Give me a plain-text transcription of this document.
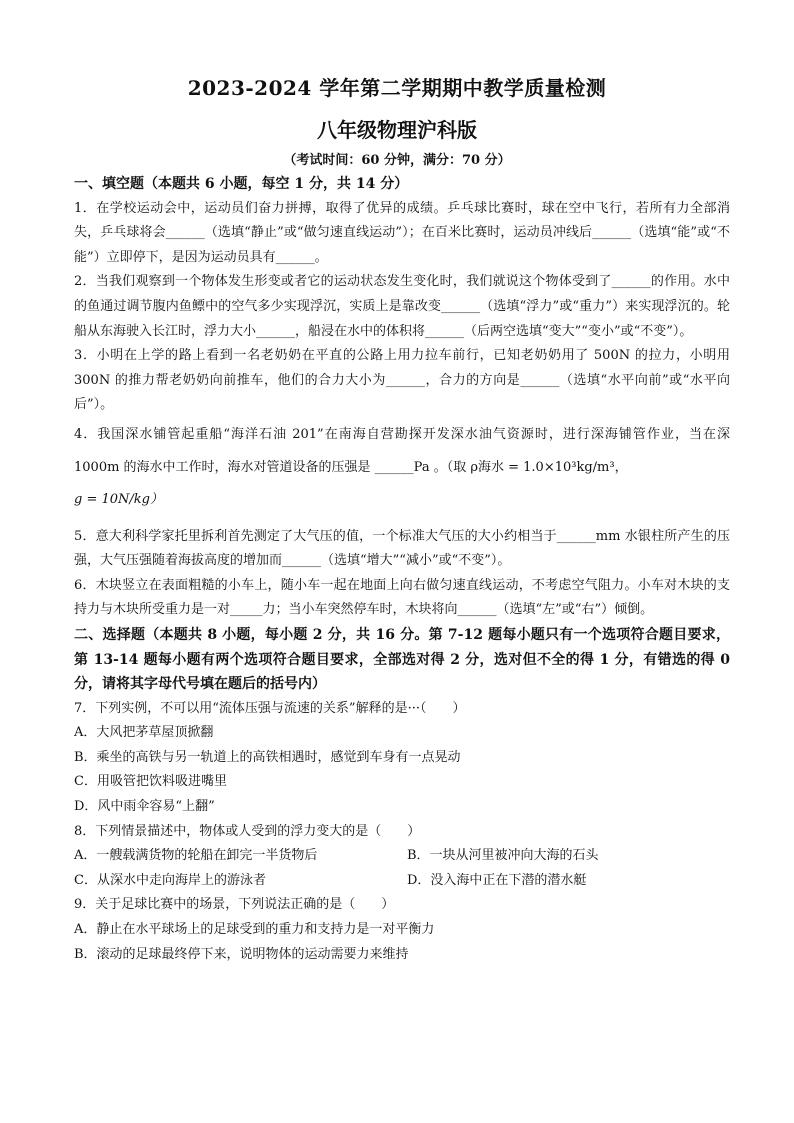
2023-2024 学年第二学期期中教学质量检测
八年级物理沪科版
（考试时间：60 分钟，满分：70 分）

一、填空题（本题共 6 小题，每空 1 分，共 14 分）

1．在学校运动会中，运动员们奋力拼搏，取得了优异的成绩。乒乓球比赛时，球在空中飞行，若所有力全部消失，乒乓球将会______（选填“静止”或“做匀速直线运动”）；在百米比赛时，运动员冲线后______（选填“能”或“不能”）立即停下，是因为运动员具有______。

2．当我们观察到一个物体发生形变或者它的运动状态发生变化时，我们就说这个物体受到了______的作用。水中的鱼通过调节腹内鱼鳔中的空气多少实现浮沉，实质上是靠改变______（选填“浮力”或“重力”）来实现浮沉的。轮船从东海驶入长江时，浮力大小______，船浸在水中的体积将______（后两空选填“变大”“变小”或“不变”）。

3．小明在上学的路上看到一名老奶奶在平直的公路上用力拉车前行，已知老奶奶用了 500N 的拉力，小明用 300N 的推力帮老奶奶向前推车，他们的合力大小为______，合力的方向是______（选填“水平向前”或“水平向后”）。

4．我国深水铺管起重船“海洋石油 201”在南海自营勘探开发深水油气资源时，进行深海铺管作业，当在深 1000m 的海水中工作时，海水对管道设备的压强是 ______Pa 。（取 ρ海水 = 1.0×10³kg/m³，

g = 10N/kg）

5．意大利科学家托里拆利首先测定了大气压的值，一个标准大气压的大小约相当于______mm 水银柱所产生的压强，大气压强随着海拔高度的增加而______（选填“增大”“减小”或“不变”）。

6．木块竖立在表面粗糙的小车上，随小车一起在地面上向右做匀速直线运动，不考虑空气阻力。小车对木块的支持力与木块所受重力是一对_____力；当小车突然停车时，木块将向______（选填“左”或“右”）倾倒。

二、选择题（本题共 8 小题，每小题 2 分，共 16 分。第 7-12 题每小题只有一个选项符合题目要求，第 13-14 题每小题有两个选项符合题目要求，全部选对得 2 分，选对但不全的得 1 分，有错选的得 0 分，请将其字母代号填在题后的括号内）

7．下列实例，不可以用“流体压强与流速的关系”解释的是···（　　）

A．大风把茅草屋顶掀翻

B．乘坐的高铁与另一轨道上的高铁相遇时，感觉到车身有一点晃动

C．用吸管把饮料吸进嘴里

D．风中雨伞容易“上翻”

8．下列情景描述中，物体或人受到的浮力变大的是（　　）

A．一艘载满货物的轮船在卸完一半货物后	B．一块从河里被冲向大海的石头
C．从深水中走向海岸上的游泳者	D．没入海中正在下潜的潜水艇

9．关于足球比赛中的场景，下列说法正确的是（　　）

A．静止在水平球场上的足球受到的重力和支持力是一对平衡力

B．滚动的足球最终停下来，说明物体的运动需要力来维持
